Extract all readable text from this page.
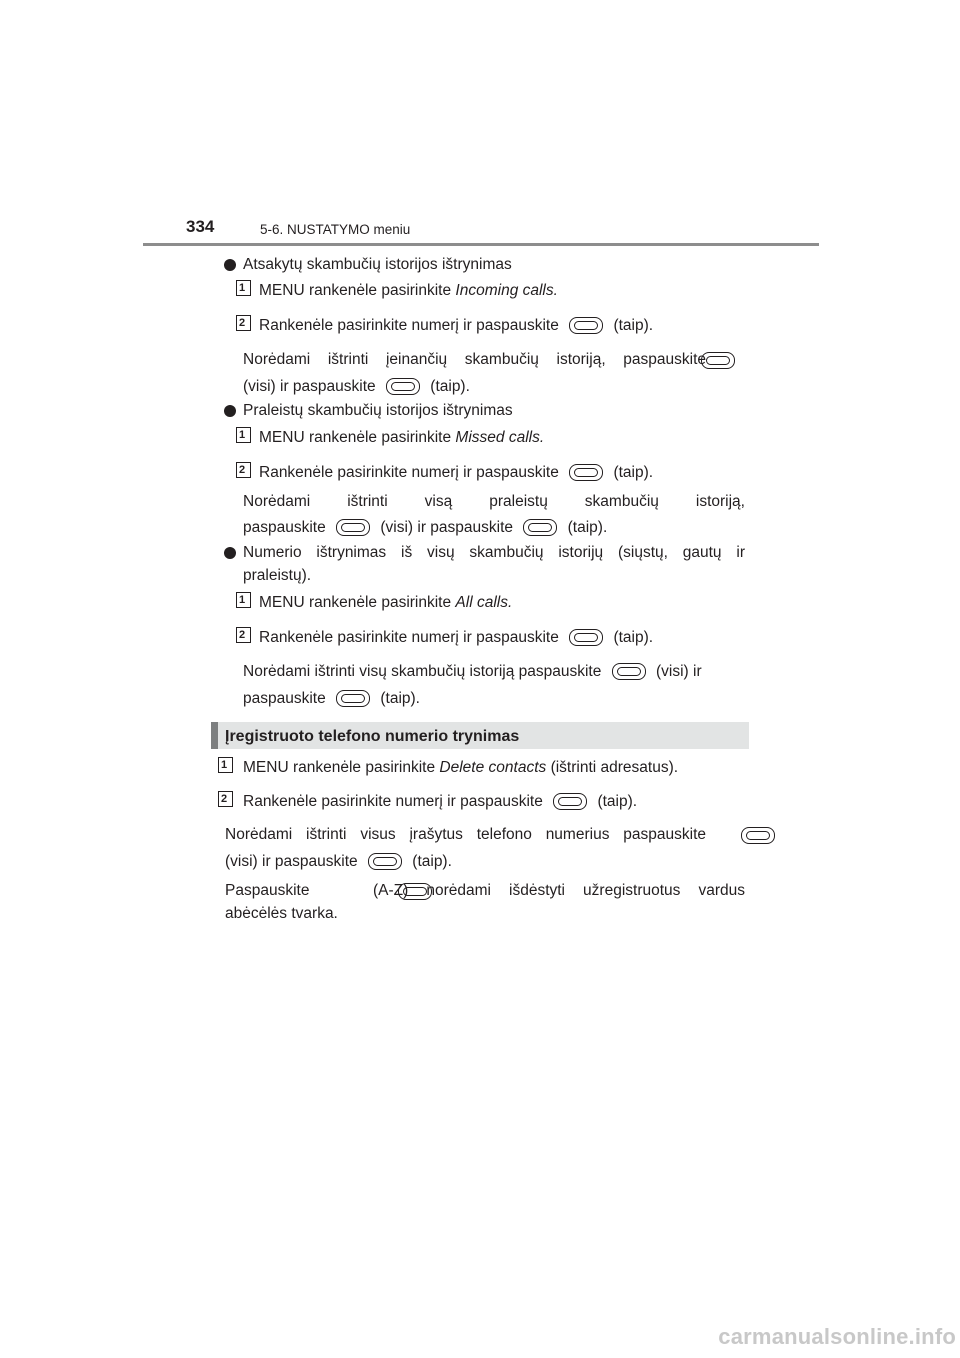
334	5-6. NUSTATYMO meniu
Atsakytų skambučių istorijos ištrynimas
1 MENU rankenėle pasirinkite Incoming calls.
2 Rankenėle pasirinkite numerį ir paspauskite	(taip).
Norėdami ištrinti įeinančių skambučių istoriją, paspauskite

(visi) ir paspauskite	(taip).
Praleistų skambučių istorijos ištrynimas
1 MENU rankenėle pasirinkite Missed calls.
2 Rankenėle pasirinkite numerį ir paspauskite	(taip).
Norėdami ištrinti visą praleistų skambučių istoriją,
paspauskite	(visi) ir paspauskite	(taip).
Numerio ištrynimas iš visų skambučių istorijų (siųstų, gautų ir
praleistų).
1 MENU rankenėle pasirinkite All calls.
2 Rankenėle pasirinkite numerį ir paspauskite	(taip).
Norėdami ištrinti visų skambučių istoriją paspauskite	(visi) ir
paspauskite	(taip).
Įregistruoto telefono numerio trynimas
1	MENU rankenėle pasirinkite Delete contacts (ištrinti adresatus).
2	Rankenėle pasirinkite numerį ir paspauskite	(taip).
Norėdami ištrinti visus įrašytus telefono numerius paspauskite

(visi) ir paspauskite	(taip).
Paspauskite	(A-Z) norėdami išdėstyti užregistruotus vardus
abėcėlės tvarka.
carmanualsonline.info
